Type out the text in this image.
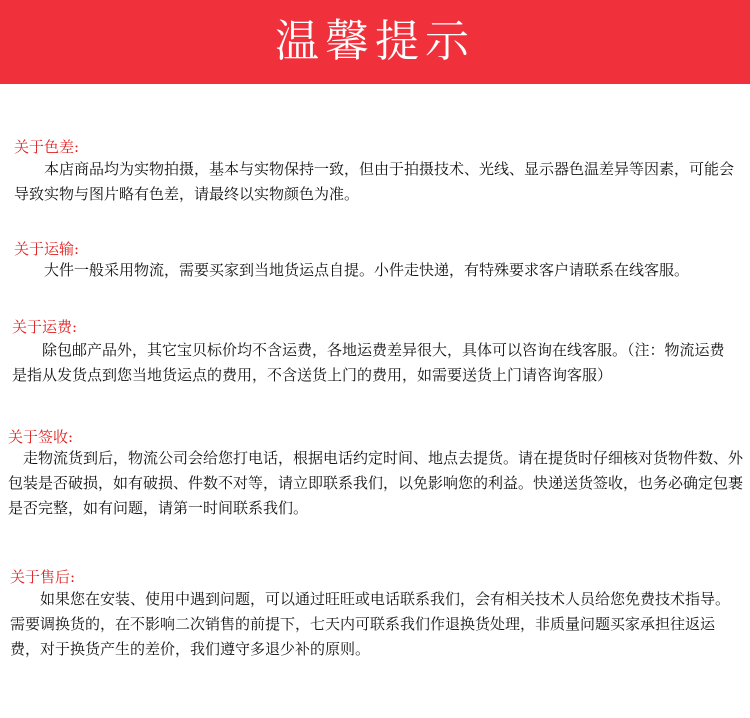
温馨提示
关于色差:
　　本店商品均为实物拍摄，基本与实物保持一致，但由于拍摄技术、光线、显示器色温差异等因素，可能会导致实物与图片略有色差，请最终以实物颜色为准。
关于运输:
　　大件一般采用物流，需要买家到当地货运点自提。小件走快递，有特殊要求客户请联系在线客服。
关于运费:
　　除包邮产品外，其它宝贝标价均不含运费，各地运费差异很大，具体可以咨询在线客服。（注：物流运费是指从发货点到您当地货运点的费用，不含送货上门的费用，如需要送货上门请咨询客服）
关于签收:
　走物流货到后，物流公司会给您打电话，根据电话约定时间、地点去提货。请在提货时仔细核对货物件数、外包装是否破损，如有破损、件数不对等，请立即联系我们，以免影响您的利益。快递送货签收，也务必确定包裹是否完整，如有问题，请第一时间联系我们。
关于售后:
　　如果您在安装、使用中遇到问题，可以通过旺旺或电话联系我们，会有相关技术人员给您免费技术指导。需要调换货的，在不影响二次销售的前提下，七天内可联系我们作退换货处理，非质量问题买家承担往返运费，对于换货产生的差价，我们遵守多退少补的原则。
